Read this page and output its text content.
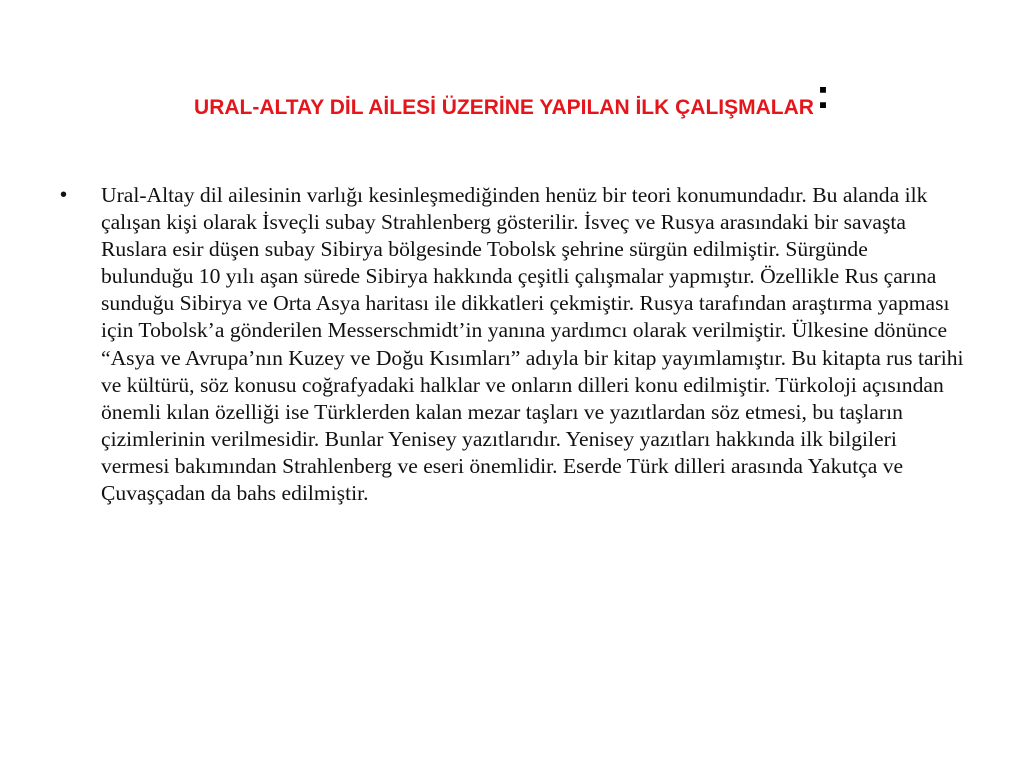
URAL-ALTAY DİL AİLESİ ÜZERİNE YAPILAN İLK ÇALIŞMALAR:
•	Ural-Altay dil ailesinin varlığı kesinleşmediğinden henüz bir teori konumundadır. Bu alanda ilk çalışan kişi olarak İsveçli subay Strahlenberg gösterilir. İsveç ve Rusya arasındaki bir savaşta Ruslara esir düşen subay Sibirya bölgesinde Tobolsk şehrine sürgün edilmiştir. Sürgünde bulunduğu 10 yılı aşan sürede Sibirya hakkında çeşitli çalışmalar yapmıştır. Özellikle Rus çarına sunduğu Sibirya ve Orta Asya haritası ile dikkatleri çekmiştir. Rusya tarafından araştırma yapması için Tobolsk’a gönderilen Messerschmidt’in yanına yardımcı olarak verilmiştir. Ülkesine dönünce “Asya ve Avrupa’nın Kuzey ve Doğu Kısımları” adıyla bir kitap yayımlamıştır. Bu kitapta rus tarihi ve kültürü, söz konusu coğrafyadaki halklar ve onların dilleri konu edilmiştir. Türkoloji açısından önemli kılan özelliği ise Türklerden kalan mezar taşları ve yazıtlardan söz etmesi, bu taşların çizimlerinin verilmesidir. Bunlar Yenisey yazıtlarıdır. Yenisey yazıtları hakkında ilk bilgileri vermesi bakımından Strahlenberg ve eseri önemlidir. Eserde Türk dilleri arasında Yakutça ve Çuvaşçadan da bahs edilmiştir.
